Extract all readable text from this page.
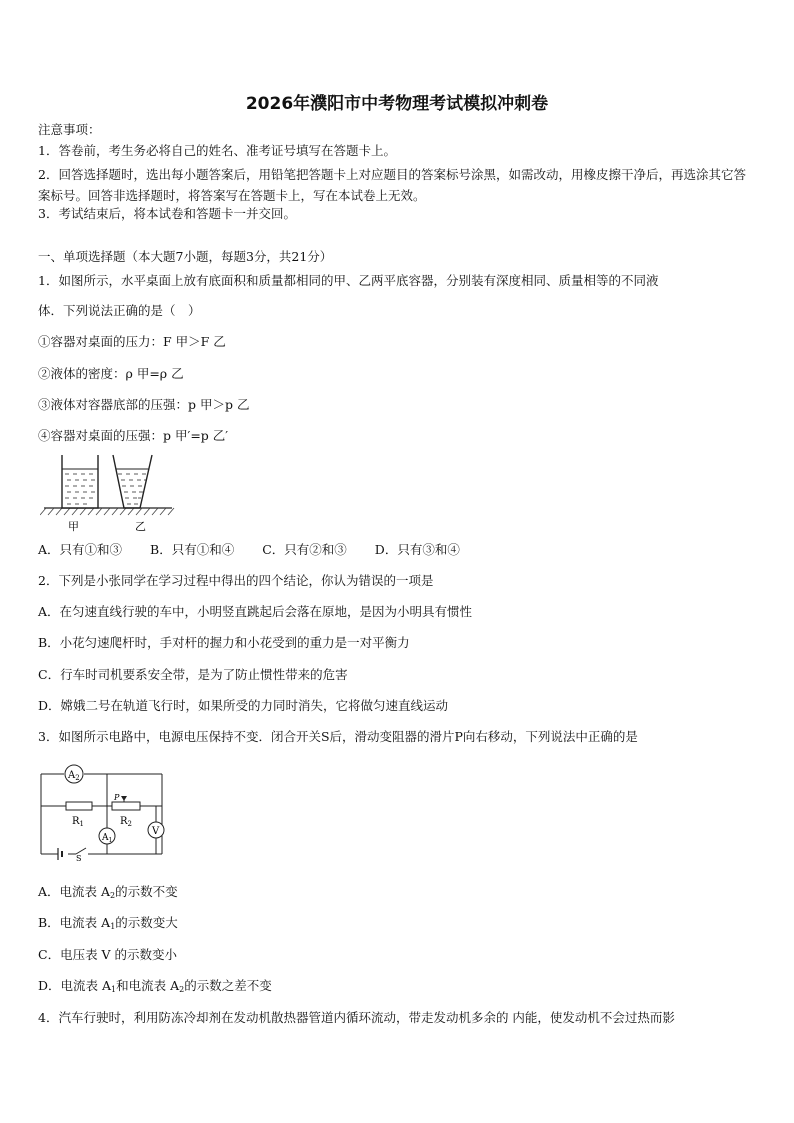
2026年濮阳市中考物理考试模拟冲刺卷
注意事项：
1．答卷前，考生务必将自己的姓名、准考证号填写在答题卡上。
2．回答选择题时，选出每小题答案后，用铅笔把答题卡上对应题目的答案标号涂黑，如需改动，用橡皮擦干净后，再选涂其它答案标号。回答非选择题时，将答案写在答题卡上，写在本试卷上无效。
3．考试结束后，将本试卷和答题卡一并交回。
一、单项选择题（本大题7小题，每题3分，共21分）
1．如图所示，水平桌面上放有底面积和质量都相同的甲、乙两平底容器，分别装有深度相同、质量相等的不同液
体．下列说法正确的是（　）
①容器对桌面的压力：F 甲＞F 乙
②液体的密度：ρ 甲=ρ 乙
③液体对容器底部的压强：p 甲＞p 乙
④容器对桌面的压强：p 甲′=p 乙′
甲	乙
A．只有①和③ B．只有①和④ C．只有②和③ D．只有③和④
2．下列是小张同学在学习过程中得出的四个结论，你认为错误的一项是
A．在匀速直线行驶的车中，小明竖直跳起后会落在原地，是因为小明具有惯性
B．小花匀速爬杆时，手对杆的握力和小花受到的重力是一对平衡力
C．行车时司机要系安全带，是为了防止惯性带来的危害
D．嫦娥二号在轨道飞行时，如果所受的力同时消失，它将做匀速直线运动
3．如图所示电路中，电源电压保持不变．闭合开关S后，滑动变阻器的滑片P向右移动，下列说法中正确的是
$A_2$
$A_1$
V
$R_1$	$R_2$
P
S
A．电流表 $A_2$的示数不变
B．电流表 $A_1$的示数变大
C．电压表 V 的示数变小
D．电流表 $A_1$和电流表 $A_2$的示数之差不变
4．汽车行驶时，利用防冻冷却剂在发动机散热器管道内循环流动，带走发动机多余的 内能，使发动机不会过热而影
